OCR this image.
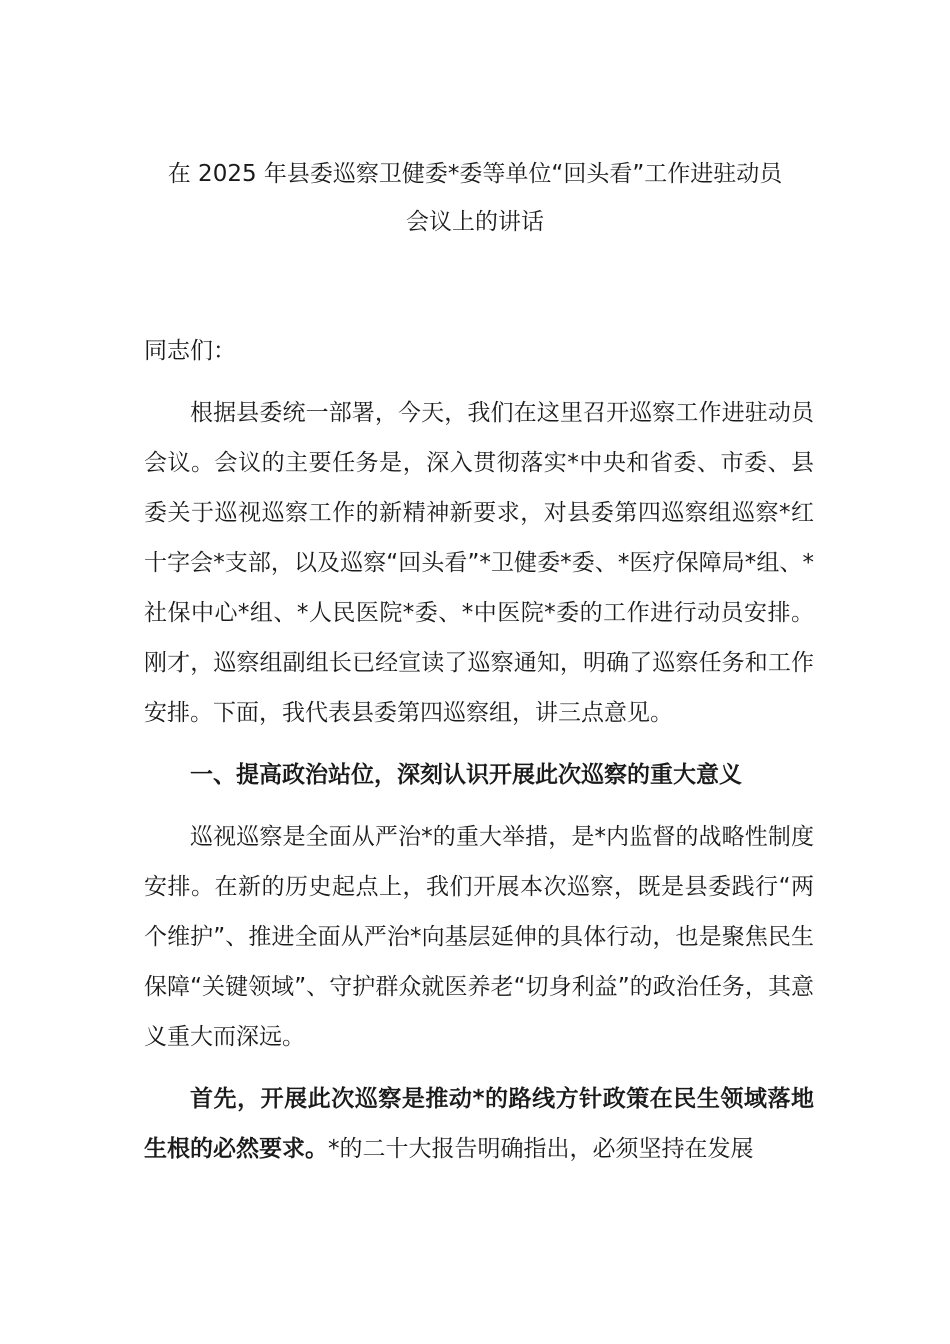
在 2025 年县委巡察卫健委*委等单位“回头看”工作进驻动员
会议上的讲话

同志们：

根据县委统一部署，今天，我们在这里召开巡察工作进驻动员会议。会议的主要任务是，深入贯彻落实*中央和省委、市委、县委关于巡视巡察工作的新精神新要求，对县委第四巡察组巡察*红十字会*支部，以及巡察“回头看”*卫健委*委、*医疗保障局*组、*社保中心*组、*人民医院*委、*中医院*委的工作进行动员安排。刚才，巡察组副组长已经宣读了巡察通知，明确了巡察任务和工作安排。下面，我代表县委第四巡察组，讲三点意见。

一、提高政治站位，深刻认识开展此次巡察的重大意义

巡视巡察是全面从严治*的重大举措，是*内监督的战略性制度安排。在新的历史起点上，我们开展本次巡察，既是县委践行“两个维护”、推进全面从严治*向基层延伸的具体行动，也是聚焦民生保障“关键领域”、守护群众就医养老“切身利益”的政治任务，其意义重大而深远。

首先，开展此次巡察是推动*的路线方针政策在民生领域落地生根的必然要求。*的二十大报告明确指出，必须坚持在发展
